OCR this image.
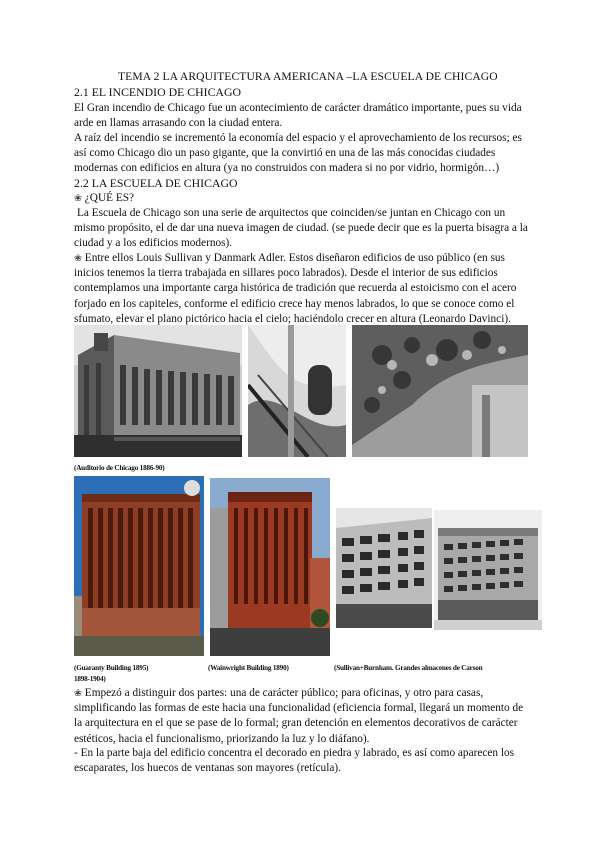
TEMA 2 LA ARQUITECTURA AMERICANA –LA ESCUELA DE CHICAGO

2.1 EL INCENDIO DE CHICAGO

El Gran incendio de Chicago fue un acontecimiento de carácter dramático importante, pues su vida arde en llamas arrasando con la ciudad entera.

A raíz del incendio se incrementó la economía del espacio y el aprovechamiento de los recursos; es así como Chicago dio un paso gigante, que la convirtió en una de las más conocidas ciudades modernas con edificios en altura (ya no construidos con madera si no por vidrio, hormigón…)

2.2 LA ESCUELA DE CHICAGO

❀ ¿QUÉ ES?

La Escuela de Chicago son una serie de arquitectos que coinciden/se juntan en Chicago con un mismo propósito, el de dar una nueva imagen de ciudad. (se puede decir que es la puerta bisagra a la ciudad y a los edificios modernos).

❀ Entre ellos Louis Sullivan y Danmark Adler. Estos diseñaron edificios de uso público (en sus inicios tenemos la tierra trabajada en sillares poco labrados). Desde el interior de sus edificios contemplamos una importante carga histórica de tradición que recuerda al estoicismo con el acero forjado en los capiteles, conforme el edificio crece hay menos labrados, lo que se conoce como el sfumato, elevar el plano pictórico hacia el cielo; haciéndolo crecer en altura (Leonardo Davinci).

(Auditorio de Chicago 1886-90)
(Guaranty Building 1895)	(Wainwright Building 1890)	(Sullivan+Burnham. Grandes almacenes de Carson
1898-1904)

❀ Empezó a distinguir dos partes: una de carácter público; para oficinas, y otro para casas, simplificando las formas de este hacia una funcionalidad (eficiencia formal, llegará un momento de la arquitectura en el que se pase de lo formal; gran detención en elementos decorativos de carácter estéticos, hacia el funcionalismo, priorizando la luz y lo diáfano).

- En la parte baja del edificio concentra el decorado en piedra y labrado, es así como aparecen los escaparates, los huecos de ventanas son mayores (retícula).
